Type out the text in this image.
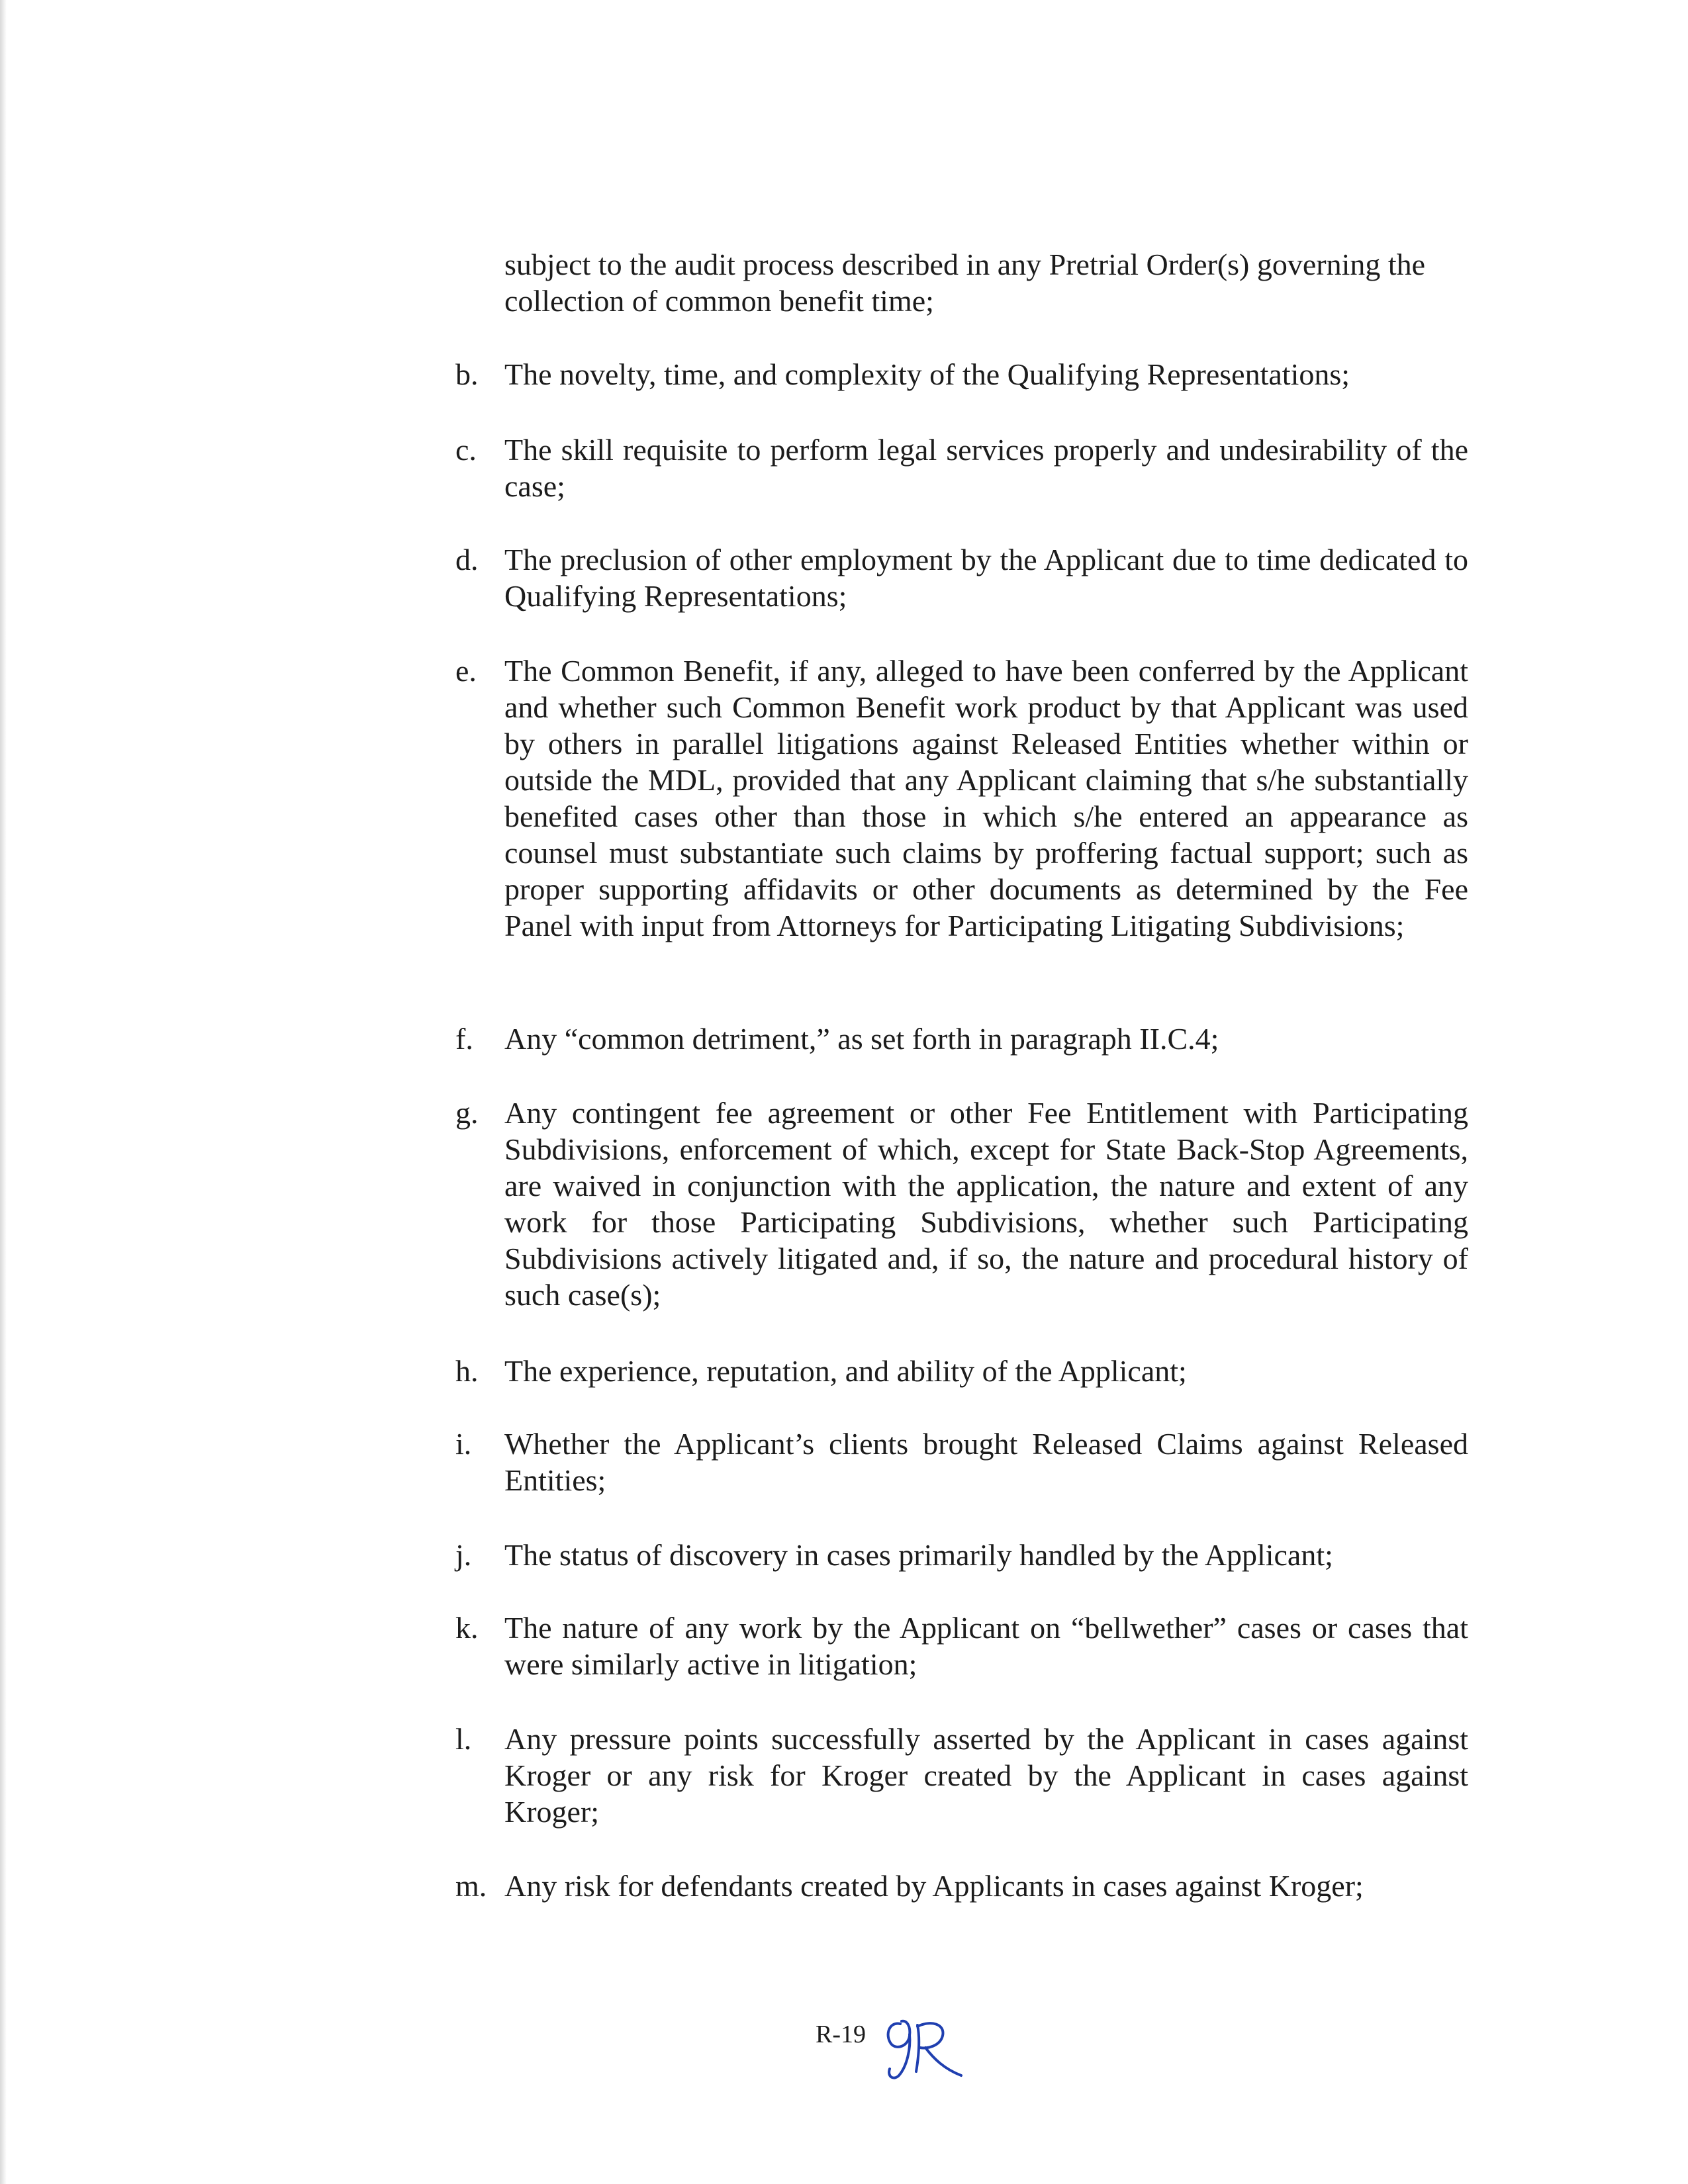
subject to the audit process described in any Pretrial Order(s) governing the collection of common benefit time;

b. The novelty, time, and complexity of the Qualifying Representations;

c. The skill requisite to perform legal services properly and undesirability of the case;

d. The preclusion of other employment by the Applicant due to time dedicated to Qualifying Representations;

e. The Common Benefit, if any, alleged to have been conferred by the Applicant and whether such Common Benefit work product by that Applicant was used by others in parallel litigations against Released Entities whether within or outside the MDL, provided that any Applicant claiming that s/he substantially benefited cases other than those in which s/he entered an appearance as counsel must substantiate such claims by proffering factual support; such as proper supporting affidavits or other documents as determined by the Fee Panel with input from Attorneys for Participating Litigating Subdivisions;

f.	Any “common detriment,” as set forth in paragraph II.C.4;

g. Any contingent fee agreement or other Fee Entitlement with Participating Subdivisions, enforcement of which, except for State Back-Stop Agreements, are waived in conjunction with the application, the nature and extent of any work for those Participating Subdivisions, whether such Participating Subdivisions actively litigated and, if so, the nature and procedural history of such case(s);

h. The experience, reputation, and ability of the Applicant;

i.	Whether the Applicant’s clients brought Released Claims against Released Entities;

j.	The status of discovery in cases primarily handled by the Applicant;

k. The nature of any work by the Applicant on “bellwether” cases or cases that were similarly active in litigation;

l.	Any pressure points successfully asserted by the Applicant in cases against Kroger or any risk for Kroger created by the Applicant in cases against Kroger;

m. Any risk for defendants created by Applicants in cases against Kroger;

R-19
